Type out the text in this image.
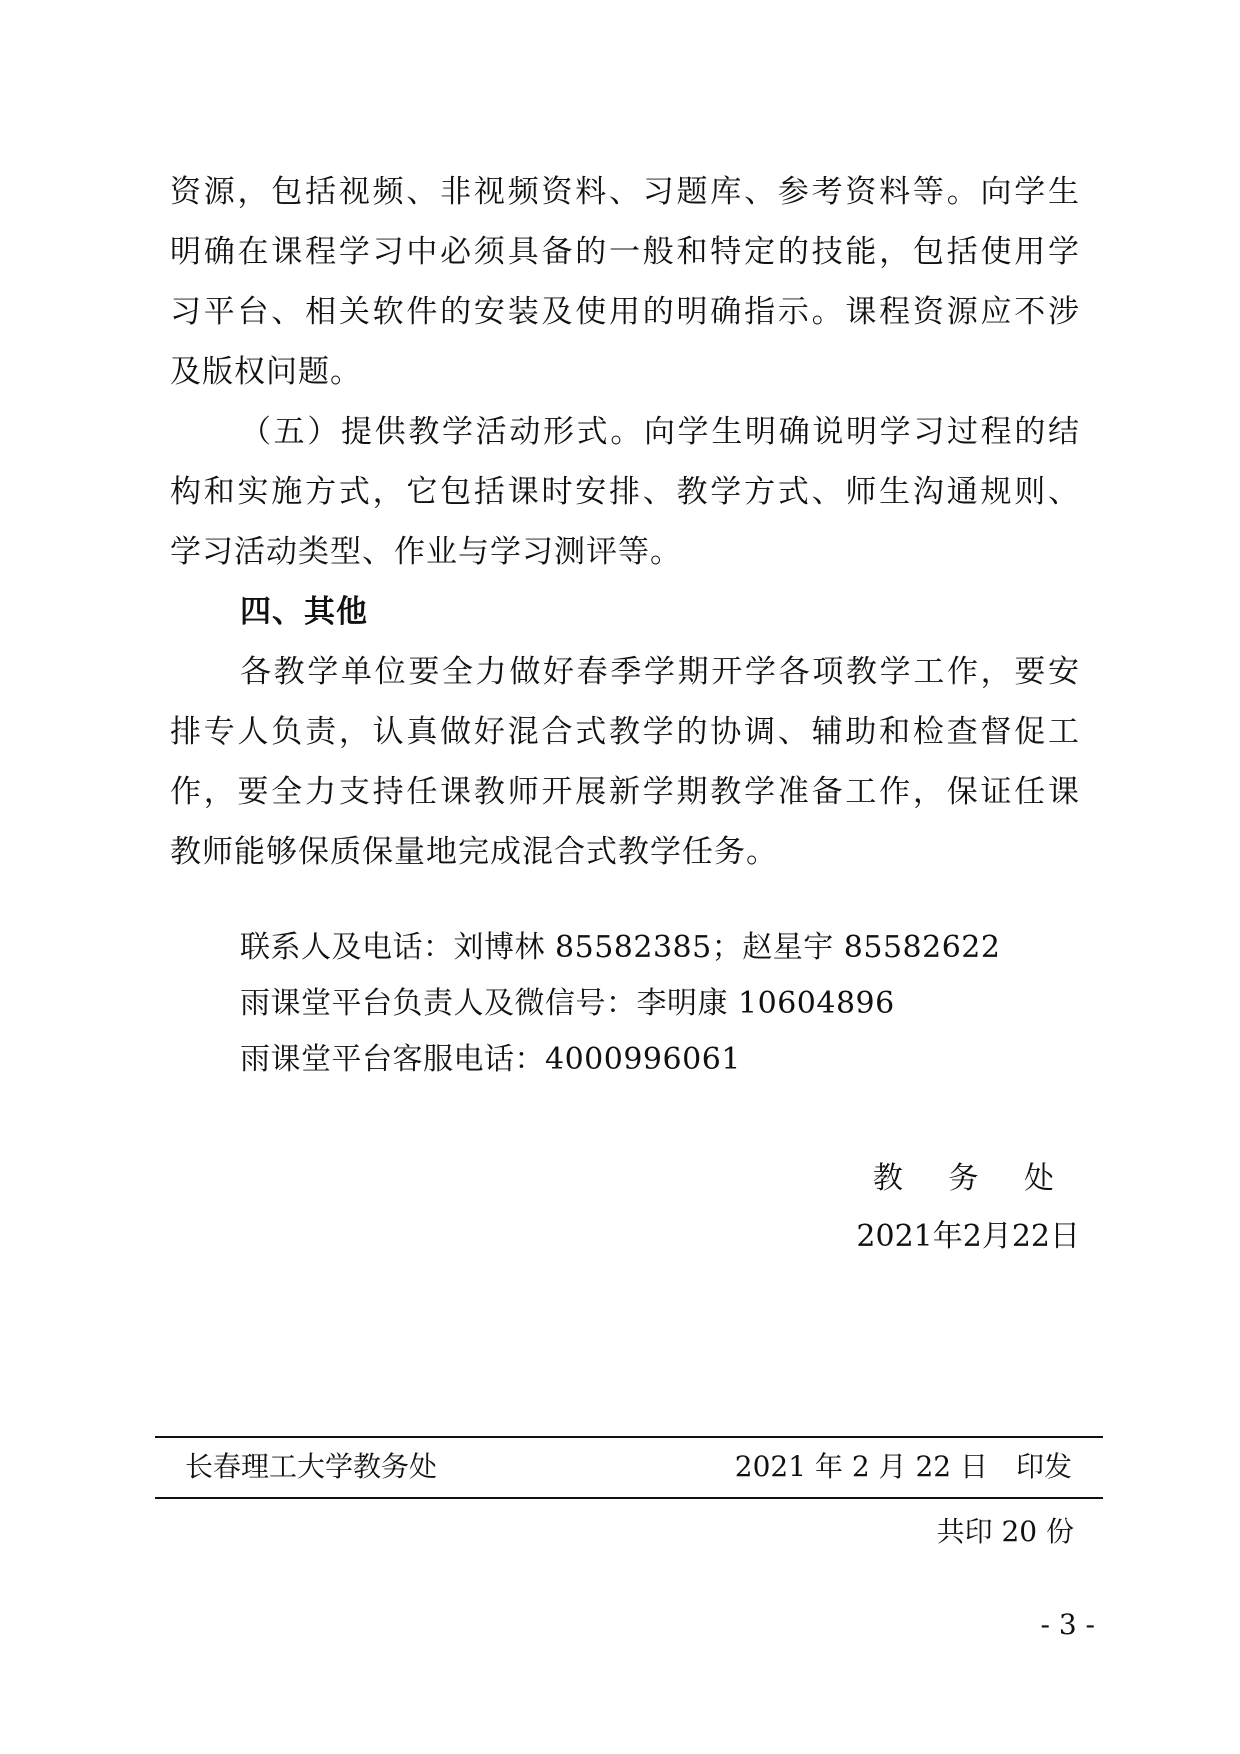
资源，包括视频、非视频资料、习题库、参考资料等。向学生
明确在课程学习中必须具备的一般和特定的技能，包括使用学
习平台、相关软件的安装及使用的明确指示。课程资源应不涉
及版权问题。
（五）提供教学活动形式。向学生明确说明学习过程的结
构和实施方式，它包括课时安排、教学方式、师生沟通规则、
学习活动类型、作业与学习测评等。
四、其他
各教学单位要全力做好春季学期开学各项教学工作，要安
排专人负责，认真做好混合式教学的协调、辅助和检查督促工
作，要全力支持任课教师开展新学期教学准备工作，保证任课
教师能够保质保量地完成混合式教学任务。
联系人及电话：刘博林 85582385；赵星宇 85582622
雨课堂平台负责人及微信号：李明康 10604896
雨课堂平台客服电话：4000996061
教 务 处
2021年2月22日
长春理工大学教务处	2021 年 2 月 22 日　印发
共印 20 份
- 3 -
